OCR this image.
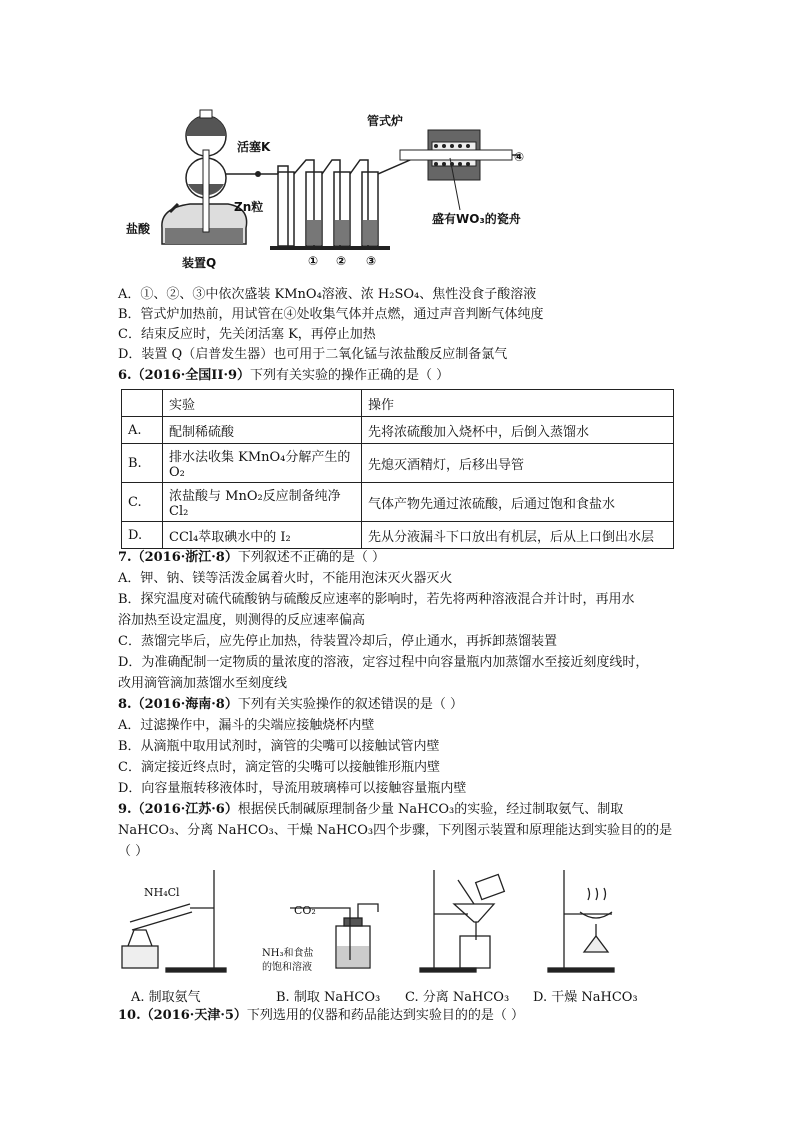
管式炉
活塞K
Zn粒
盐酸
装置Q
盛有WO₃的瓷舟
① ② ③
④
A．①、②、③中依次盛装 KMnO₄溶液、浓 H₂SO₄、焦性没食子酸溶液
B．管式炉加热前，用试管在④处收集气体并点燃，通过声音判断气体纯度
C．结束反应时，先关闭活塞 K，再停止加热
D．装置 Q（启普发生器）也可用于二氧化锰与浓盐酸反应制备氯气
6.（2016·全国II·9）下列有关实验的操作正确的是（ ）
	实验	操作
A.	配制稀硫酸	先将浓硫酸加入烧杯中，后倒入蒸馏水
B.	排水法收集 KMnO₄分解产生的 O₂	先熄灭酒精灯，后移出导管
C.	浓盐酸与 MnO₂反应制备纯净 Cl₂	气体产物先通过浓硫酸，后通过饱和食盐水
D.	CCl₄萃取碘水中的 I₂	先从分液漏斗下口放出有机层，后从上口倒出水层
7.（2016·浙江·8）下列叙述不正确的是（ ）
A．钾、钠、镁等活泼金属着火时，不能用泡沫灭火器灭火
B．探究温度对硫代硫酸钠与硫酸反应速率的影响时，若先将两种溶液混合并计时，再用水
浴加热至设定温度，则测得的反应速率偏高
C．蒸馏完毕后，应先停止加热，待装置冷却后，停止通水，再拆卸蒸馏装置
D．为准确配制一定物质的量浓度的溶液，定容过程中向容量瓶内加蒸馏水至接近刻度线时，
改用滴管滴加蒸馏水至刻度线
8.（2016·海南·8）下列有关实验操作的叙述错误的是（ ）
A．过滤操作中，漏斗的尖端应接触烧杯内壁
B．从滴瓶中取用试剂时，滴管的尖嘴可以接触试管内壁
C．滴定接近终点时，滴定管的尖嘴可以接触锥形瓶内壁
D．向容量瓶转移液体时，导流用玻璃棒可以接触容量瓶内壁
9.（2016·江苏·6）根据侯氏制碱原理制备少量 NaHCO₃的实验，经过制取氨气、制取
NaHCO₃、分离 NaHCO₃、干燥 NaHCO₃四个步骤，下列图示装置和原理能达到实验目的的是
（ ）
NH₄Cl
CO₂
NH₃和食盐
的饱和溶液
A. 制取氨气	B. 制取 NaHCO₃ C. 分离 NaHCO₃ D. 干燥 NaHCO₃
10.（2016·天津·5）下列选用的仪器和药品能达到实验目的的是（ ）
